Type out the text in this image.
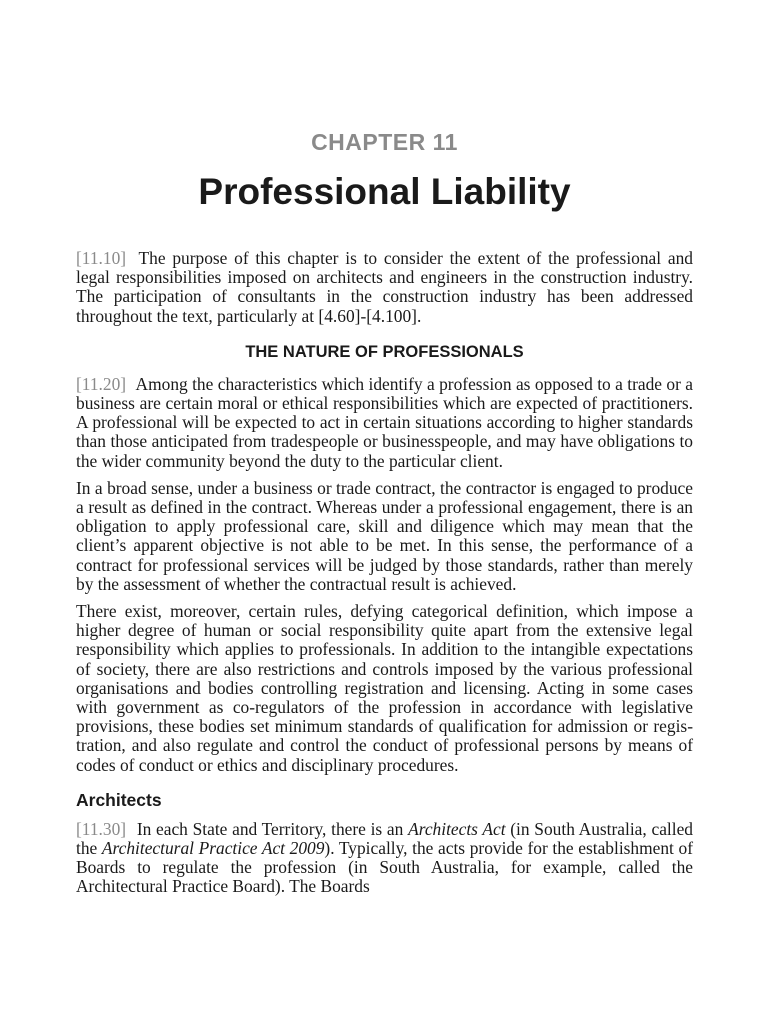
CHAPTER 11
Professional Liability

[11.10] The purpose of this chapter is to consider the extent of the professional and legal responsibilities imposed on architects and engineers in the construction industry. The participation of consultants in the construction industry has been addressed throughout the text, particularly at [4.60]-[4.100].

THE NATURE OF PROFESSIONALS

[11.20] Among the characteristics which identify a profession as opposed to a trade or a business are certain moral or ethical responsibilities which are expected of practitioners. A professional will be expected to act in certain situations according to higher standards than those anticipated from tradespeople or businesspeople, and may have obligations to the wider community beyond the duty to the particular client.

In a broad sense, under a business or trade contract, the contractor is engaged to produce a result as defined in the contract. Whereas under a professional engagement, there is an obligation to apply professional care, skill and diligence which may mean that the client’s apparent objective is not able to be met. In this sense, the performance of a contract for professional services will be judged by those standards, rather than merely by the assessment of whether the contractual result is achieved.

There exist, moreover, certain rules, defying categorical definition, which impose a higher degree of human or social responsibility quite apart from the extensive legal responsibility which applies to professionals. In addition to the intangible expectations of society, there are also restrictions and controls imposed by the various professional organisations and bodies controlling registration and licensing. Acting in some cases with government as co-regulators of the profession in accordance with legislative provisions, these bodies set minimum standards of qualification for admission or registration, and also regulate and control the conduct of professional persons by means of codes of conduct or ethics and disciplinary procedures.

Architects

[11.30] In each State and Territory, there is an Architects Act (in South Australia, called the Architectural Practice Act 2009). Typically, the acts provide for the establishment of Boards to regulate the profession (in South Australia, for example, called the Architectural Practice Board). The Boards
